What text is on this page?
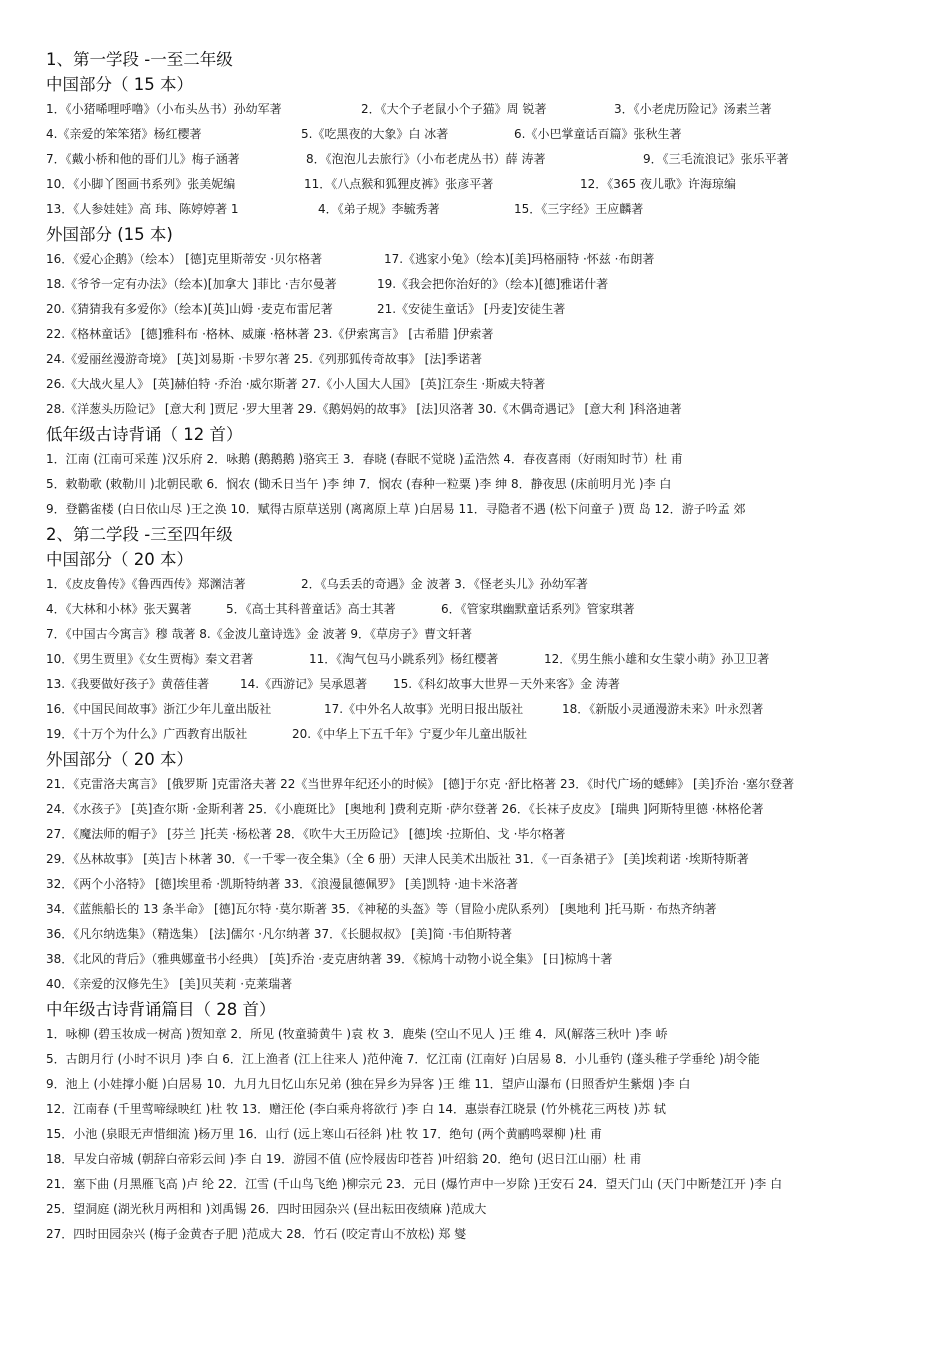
1、第一学段 -一至二年级
中国部分（ 15 本）
1．《小猪唏哩呼噜》（小布头丛书）孙幼军著	2．《大个子老鼠小个子猫》周 锐著	3．《小老虎历险记》汤素兰著
4.《亲爱的笨笨猪》杨红樱著	5.《吃黑夜的大象》白 冰著	6.《小巴掌童话百篇》张秋生著
7．《戴小桥和他的哥们儿》梅子涵著	8．《泡泡儿去旅行》（小布老虎丛书）薛 涛著	9．《三毛流浪记》张乐平著
10．《小脚丫图画书系列》张美妮编	11．《八点猴和狐狸皮裤》张彦平著	12．《365 夜儿歌》许海琼编
13．《人参娃娃》高 玮、陈婷婷著 1	4．《弟子规》李毓秀著	15．《三字经》王应麟著
外国部分 (15 本)
16．《爱心企鹅》（绘本） [德]克里斯蒂安 ·贝尔格著	17.《逃家小兔》（绘本)[美]玛格丽特 ·怀兹 ·布朗著
18.《爷爷一定有办法》（绘本)[加拿大 ]菲比 ·吉尔曼著	19.《我会把你治好的》（绘本)[德]雅诺什著
20.《猜猜我有多爱你》（绘本)[英]山姆 ·麦克布雷尼著	21.《安徒生童话》 [丹麦]安徒生著
22.《格林童话》 [德]雅科布 ·格林、威廉 ·格林著 23.《伊索寓言》 [古希腊 ]伊索著
24.《爱丽丝漫游奇境》 [英]刘易斯 ·卡罗尔著 25.《列那狐传奇故事》 [法]季诺著
26.《大战火星人》 [英]赫伯特 ·乔治 ·威尔斯著 27.《小人国大人国》 [英]江奈生 ·斯威夫特著
28.《洋葱头历险记》 [意大利 ]贾尼 ·罗大里著 29.《鹅妈妈的故事》 [法]贝洛著 30.《木偶奇遇记》 [意大利 ]科洛迪著
低年级古诗背诵（ 12 首）
1．江南 (江南可采莲 )汉乐府 2．咏鹅 (鹅鹅鹅 )骆宾王 3．春晓 (春眠不觉晓 )孟浩然 4．春夜喜雨（好雨知时节）杜 甫
5．敕勒歌 (敕勒川 )北朝民歌 6．悯农 (锄禾日当午 )李 绅 7．悯农 (春种一粒粟 )李 绅 8．静夜思 (床前明月光 )李 白
9．登鹳雀楼 (白日依山尽 )王之涣 10．赋得古原草送别 (离离原上草 )白居易 11．寻隐者不遇 (松下问童子 )贾 岛 12．游子吟孟 郊
2、第二学段 -三至四年级
中国部分（ 20 本）
1．《皮皮鲁传》《鲁西西传》郑渊洁著	2．《乌丢丢的奇遇》金 波著 3．《怪老头儿》孙幼军著
4．《大林和小林》张天翼著	5．《高士其科普童话》高士其著	6．《管家琪幽默童话系列》管家琪著
7．《中国古今寓言》穆 哉著 8.《金波儿童诗选》金 波著 9．《草房子》曹文轩著
10．《男生贾里》《女生贾梅》秦文君著	11．《淘气包马小跳系列》杨红樱著	12．《男生熊小雄和女生蒙小萌》孙卫卫著
13.《我要做好孩子》黄蓓佳著	14.《西游记》吴承恩著 15.《科幻故事大世界－天外来客》金 涛著
16．《中国民间故事》浙江少年儿童出版社	17.《中外名人故事》光明日报出版社	18．《新版小灵通漫游未来》叶永烈著
19．《十万个为什么》广西教育出版社	20.《中华上下五千年》宁夏少年儿童出版社
外国部分（ 20 本）
21．《克雷洛夫寓言》 [俄罗斯 ]克雷洛夫著 22《当世界年纪还小的时候》 [德]于尔克 ·舒比格著 23．《时代广场的蟋蟀》 [美]乔治 ·塞尔登著
24．《水孩子》 [英]查尔斯 ·金斯利著 25．《小鹿斑比》 [奥地利 ]费利克斯 ·萨尔登著 26．《长袜子皮皮》 [瑞典 ]阿斯特里德 ·林格伦著
27．《魔法师的帽子》 [芬兰 ]托芙 ·杨松著 28．《吹牛大王历险记》 [德]埃 ·拉斯伯、戈 ·毕尔格著
29．《丛林故事》 [英]吉卜林著 30．《一千零一夜全集》（全 6 册）天津人民美术出版社 31．《一百条裙子》 [美]埃莉诺 ·埃斯特斯著
32．《两个小洛特》 [德]埃里希 ·凯斯特纳著 33．《浪漫鼠德佩罗》 [美]凯特 ·迪卡米洛著
34．《蓝熊船长的 13 条半命》 [德]瓦尔特 ·莫尔斯著 35．《神秘的头盔》等（冒险小虎队系列） [奥地利 ]托马斯 · 布热齐纳著
36．《凡尔纳选集》（精选集） [法]儒尔 ·凡尔纳著 37．《长腿叔叔》 [美]简 ·韦伯斯特著
38．《北风的背后》（雅典娜童书小经典） [英]乔治 ·麦克唐纳著 39．《椋鸠十动物小说全集》 [日]椋鸠十著
40．《亲爱的汉修先生》 [美]贝芙莉 ·克莱瑞著
中年级古诗背诵篇目（ 28 首）
1．咏柳 (碧玉妆成一树高 )贺知章 2．所见 (牧童骑黄牛 )袁 枚 3．鹿柴 (空山不见人 )王 维 4．风(解落三秋叶 )李 峤
5．古朗月行 (小时不识月 )李 白 6．江上渔者 (江上往来人 )范仲淹 7．忆江南 (江南好 )白居易 8．小儿垂钓 (蓬头稚子学垂纶 )胡令能
9．池上 (小娃撑小艇 )白居易 10．九月九日忆山东兄弟 (独在异乡为异客 )王 维 11．望庐山瀑布 (日照香炉生紫烟 )李 白
12．江南春 (千里莺啼绿映红 )杜 牧 13．赠汪伦 (李白乘舟将欲行 )李 白 14．惠崇春江晓景 (竹外桃花三两枝 )苏 轼
15．小池 (泉眼无声惜细流 )杨万里 16．山行 (远上寒山石径斜 )杜 牧 17．绝句 (两个黄鹂鸣翠柳 )杜 甫
18．早发白帝城 (朝辞白帝彩云间 )李 白 19．游园不值 (应怜屐齿印苍苔 )叶绍翁 20．绝句 (迟日江山丽）杜 甫
21．塞下曲 (月黑雁飞高 )卢 纶 22．江雪 (千山鸟飞绝 )柳宗元 23．元日 (爆竹声中一岁除 )王安石 24．望天门山 (天门中断楚江开 )李 白
25．望洞庭 (湖光秋月两相和 )刘禹锡 26．四时田园杂兴 (昼出耘田夜绩麻 )范成大
27．四时田园杂兴 (梅子金黄杏子肥 )范成大 28．竹石 (咬定青山不放松) 郑 燮
